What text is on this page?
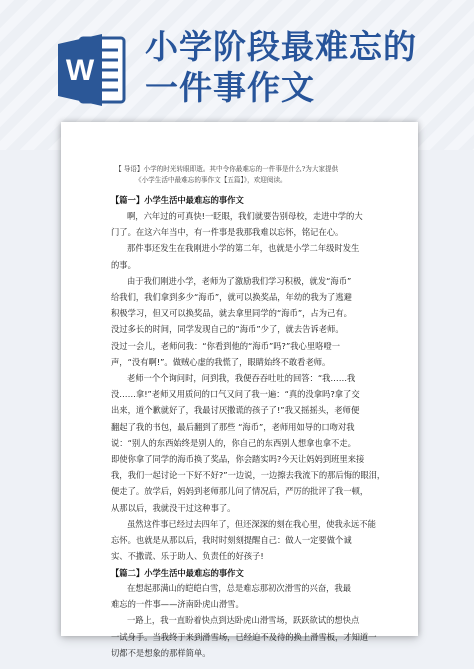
W
小学阶段最难忘的
一件事作文
【 导语】小学的时光转眼即逝。其中令你最难忘的一件事是什么?为大家提供
《小学生活中最难忘的事作文【五篇】》，欢迎阅读。
【篇一】小学生活中最难忘的事作文
啊，六年过的可真快!一眨眼，我们就要告别母校，走进中学的大
门了。在这六年当中，有一件事是我那我难以忘怀，铭记在心。
那件事还发生在我刚进小学的第二年，也就是小学二年级时发生
的事。
由于我们刚进小学，老师为了激励我们学习积极，就发“海币”
给我们，我们拿到多少“海币”，就可以换奖品，年幼的我为了逃避
积极学习，但又可以换奖品，就去拿里同学的“海币”，占为己有。
没过多长的时间，同学发现自己的“海币”少了，就去告诉老师。
没过一会儿，老师问我：“你看到他的“海币”吗?”我心里咯噔一
声，“没有啊!”。做贼心虚的我慌了，眼睛始终不敢看老师。
老师一个个询问时，问到我，我便吞吞吐吐的回答：“我……我
没……拿!”老师又用质问的口气又问了我一遍：“真的没拿吗?拿了交
出来，道个歉就好了，我最讨厌撒谎的孩子了!”我又摇摇头，老师便
翻起了我的书包，最后翻到了那些 “海币”，老师用如导的口吻对我
说：“别人的东西始终是别人的，你自己的东西别人想拿也拿不走。
即使你拿了同学的海币换了奖品，你会踏实吗?今天让妈妈到班里来接
我，我们一起讨论一下好不好?”一边说，一边擦去我流下的那后悔的眼泪，
便走了。放学后，妈妈到老师那儿问了情况后，严厉的批评了我一顿，
从那以后，我就没干过这种事了。
虽然这件事已经过去四年了，但还深深的刻在我心里，使我永远不能
忘怀。也就是从那以后，我时时刻刻提醒自己：做人一定要做个诚
实、不撒谎、乐于助人、负责任的好孩子!
【篇二】小学生活中最难忘的事作文
在想起那满山的皑皑白雪，总是难忘那初次滑雪的兴奋，我最
难忘的一件事——济南卧虎山滑雪。
一路上，我一直盼着快点到达卧虎山滑雪场，跃跃欲试的想快点
一试身手。当我终于来到滑雪场，已经迫不及待的换上滑雪板，才知道一
切都不是想象的那样简单。
